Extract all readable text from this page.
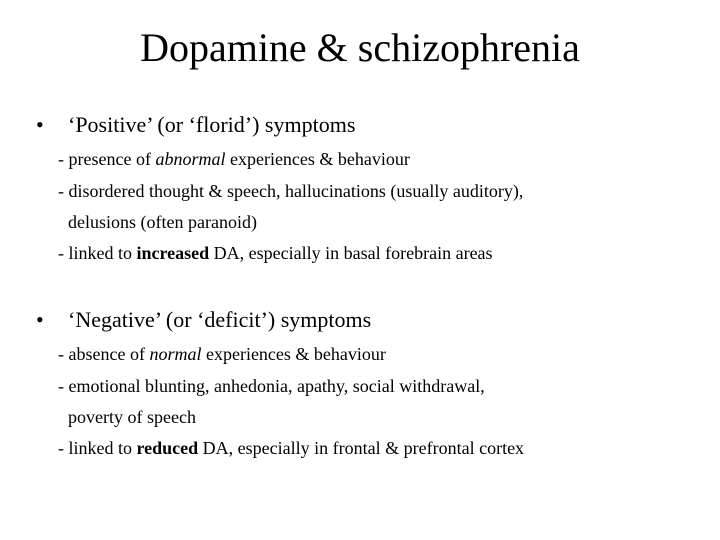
Dopamine & schizophrenia
• ‘Positive’ (or ‘florid’) symptoms
- presence of abnormal experiences & behaviour
- disordered thought & speech, hallucinations (usually auditory),
delusions (often paranoid)
- linked to increased DA, especially in basal forebrain areas
• ‘Negative’ (or ‘deficit’) symptoms
- absence of normal experiences & behaviour
- emotional blunting, anhedonia, apathy, social withdrawal,
poverty of speech
- linked to reduced DA, especially in frontal & prefrontal cortex
